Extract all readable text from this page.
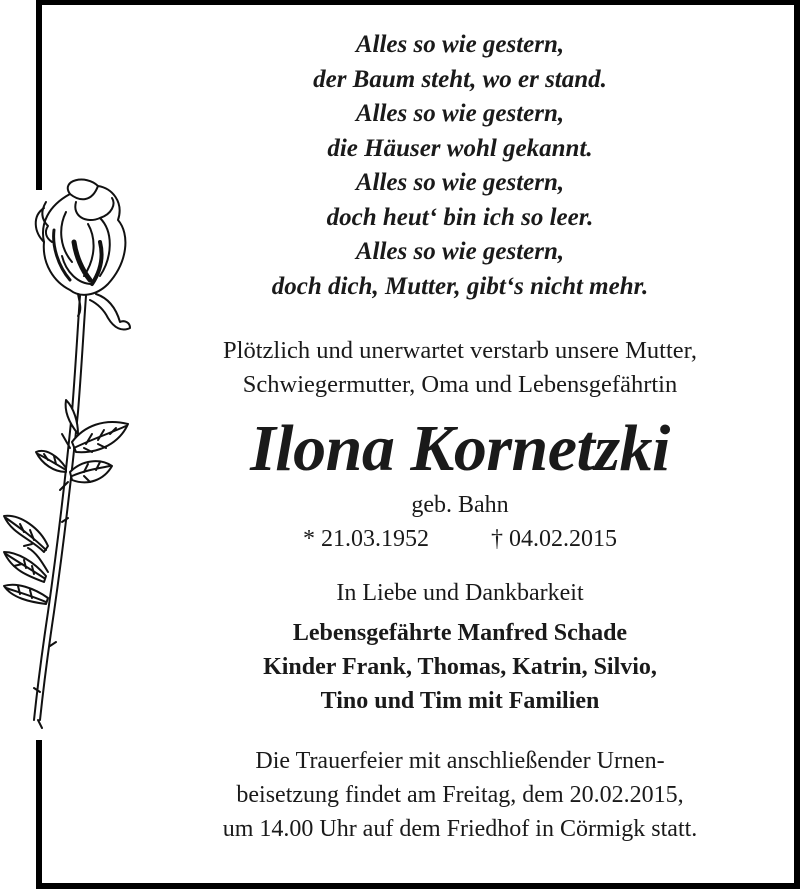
Alles so wie gestern,
der Baum steht, wo er stand.
Alles so wie gestern,
die Häuser wohl gekannt.
Alles so wie gestern,
doch heut‘ bin ich so leer.
Alles so wie gestern,
doch dich, Mutter, gibt‘s nicht mehr.
Plötzlich und unerwartet verstarb unsere Mutter,
Schwiegermutter, Oma und Lebensgefährtin
Ilona Kornetzki
geb. Bahn
* 21.03.1952	† 04.02.2015
In Liebe und Dankbarkeit
Lebensgefährte Manfred Schade
Kinder Frank, Thomas, Katrin, Silvio,
Tino und Tim mit Familien
Die Trauerfeier mit anschließender Urnen-
beisetzung findet am Freitag, dem 20.02.2015,
um 14.00 Uhr auf dem Friedhof in Cörmigk statt.
